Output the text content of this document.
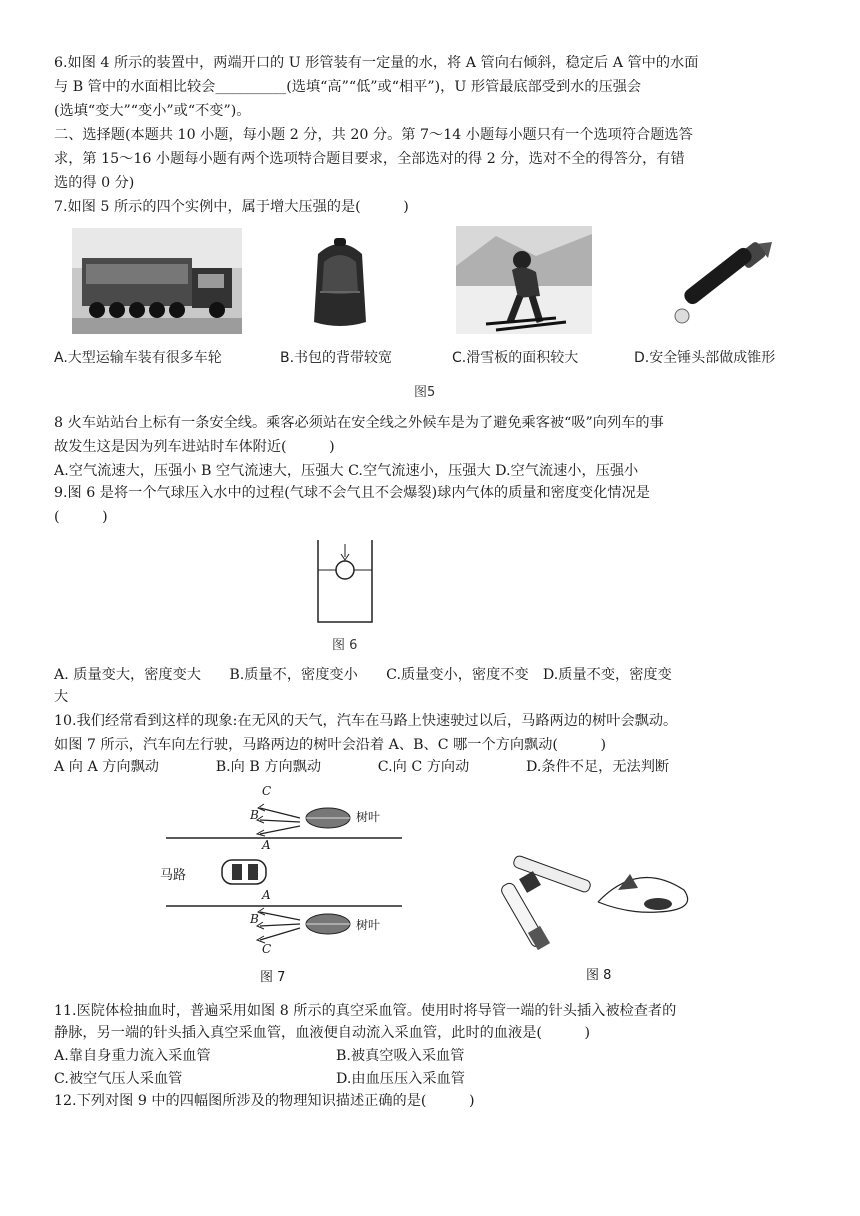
6.如图 4 所示的装置中，两端开口的 U 形管装有一定量的水，将 A 管向右倾斜，稳定后 A 管中的水面
与 B 管中的水面相比较会__________(选填“高”“低”或“相平”)，U 形管最底部受到水的压强会
(选填“变大”“变小”或“不变”)。
二、选择题(本题共 10 小题，每小题 2 分，共 20 分。第 7～14 小题每小题只有一个选项符合题选答
求，第 15～16 小题每小题有两个选项特合题目要求，全部选对的得 2 分，选对不全的得答分，有错
选的得 0 分)
7.如图 5 所示的四个实例中，属于增大压强的是(　　　)
A.大型运输车装有很多车轮	B.书包的背带较宽	C.滑雪板的面积较大	D.安全锤头部做成锥形
图5
8 火车站站台上标有一条安全线。乘客必须站在安全线之外候车是为了避免乘客被“吸”向列车的事
故发生这是因为列车进站时车体附近(　　　)
A.空气流速大，压强小 B 空气流速大，压强大 C.空气流速小，压强大 D.空气流速小，压强小
9.图 6 是将一个气球压入水中的过程(气球不会气且不会爆裂)球内气体的质量和密度变化情况是
(　　　)
图 6
A. 质量变大，密度变大　　B.质量不，密度变小　　C.质量变小，密度不变　D.质量不变，密度变
大
10.我们经常看到这样的现象:在无风的天气，汽车在马路上快速驶过以后，马路两边的树叶会飘动。
如图 7 所示，汽车向左行驶，马路两边的树叶会沿着 A、B、C 哪一个方向飘动(　　　)
A 向 A 方向飘动　　　　B.向 B 方向飘动　　　　C.向 C 方向动　　　　D.条件不足，无法判断
C
B
A
A
B
C
树叶
树叶
马路
图 7	图 8
11.医院体检抽血时，普遍采用如图 8 所示的真空采血管。使用时将导管一端的针头插入被检查者的
静脉，另一端的针头插入真空采血管，血液便自动流入采血管，此时的血液是(　　　)
A.靠自身重力流入采血管	B.被真空吸入采血管
C.被空气压人采血管	D.由血压压入采血管
12.下列对图 9 中的四幅图所涉及的物理知识描述正确的是(　　　)
